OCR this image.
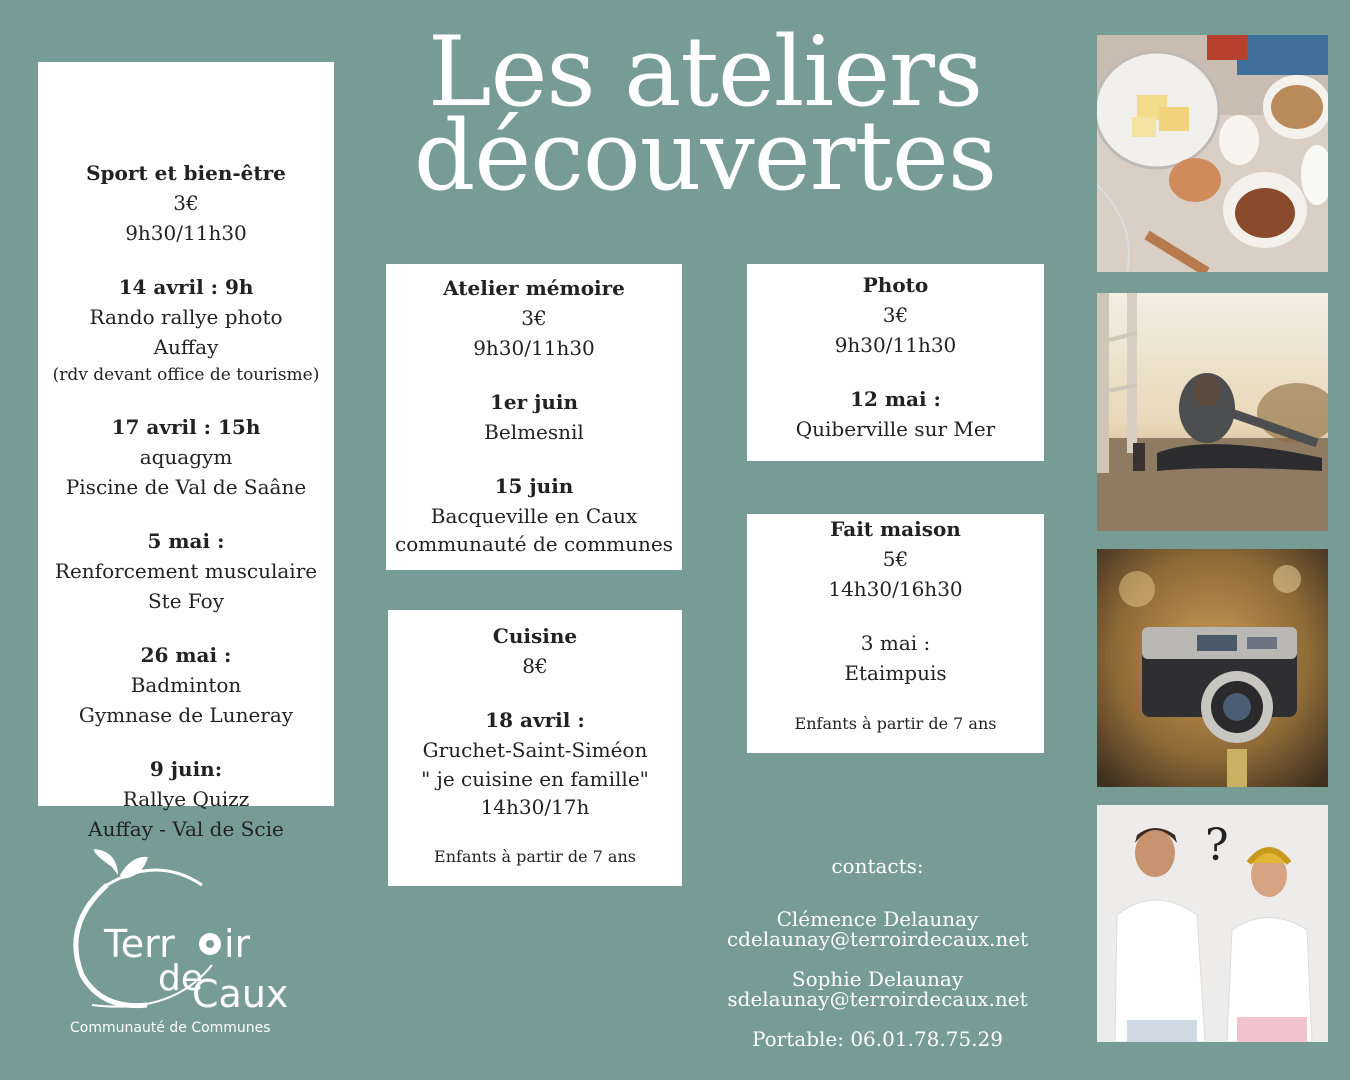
Les ateliers
découvertes
Sport et bien-être
3€
9h30/11h30
14 avril : 9h
Rando rallye photo
Auffay
(rdv devant office de tourisme)
17 avril : 15h
aquagym
Piscine de Val de Saâne
5 mai :
Renforcement musculaire
Ste Foy
26 mai :
Badminton
Gymnase de Luneray
9 juin:
Rallye Quizz
Auffay - Val de Scie
Atelier mémoire
3€
9h30/11h30
1er juin
Belmesnil
15 juin
Bacqueville en Caux
communauté de communes
Cuisine
8€
18 avril :
Gruchet-Saint-Siméon
" je cuisine en famille"
14h30/17h
Enfants à partir de 7 ans
Photo
3€
9h30/11h30
12 mai :
Quiberville sur Mer
Fait maison
5€
14h30/16h30
3 mai :
Etaimpuis
Enfants à partir de 7 ans
?
contacts:
Clémence Delaunay
cdelaunay@terroirdecaux.net
Sophie Delaunay
sdelaunay@terroirdecaux.net
Portable: 06.01.78.75.29
Terr ir
de
Caux
Communauté de Communes
